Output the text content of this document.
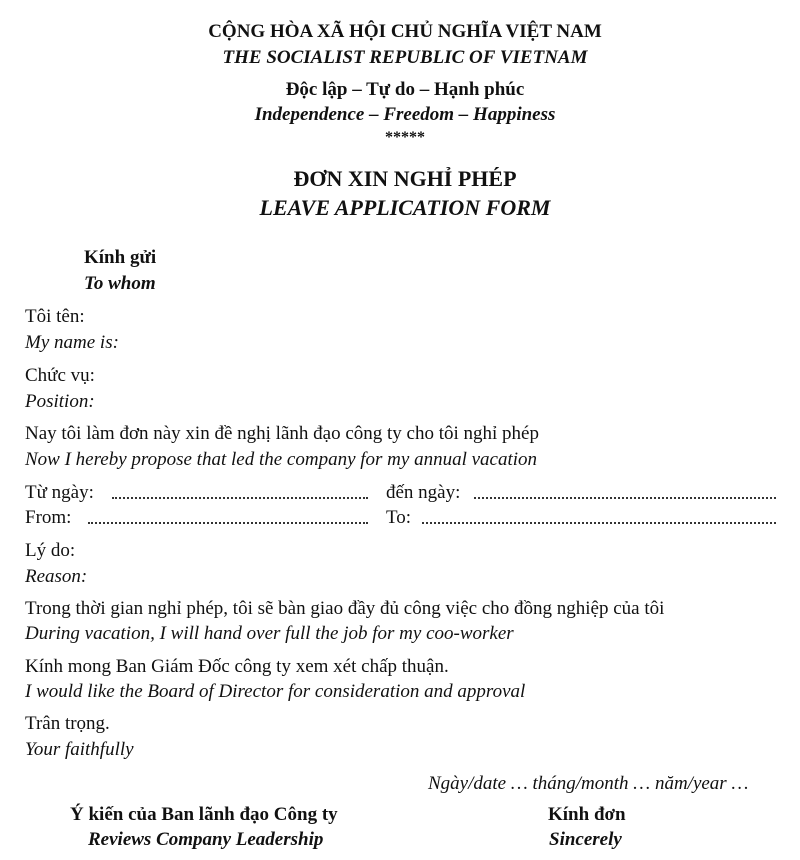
CỘNG HÒA XÃ HỘI CHỦ NGHĨA VIỆT NAM
THE SOCIALIST REPUBLIC OF VIETNAM
Độc lập – Tự do – Hạnh phúc
Independence – Freedom – Happiness
*****
ĐƠN XIN NGHỈ PHÉP
LEAVE APPLICATION FORM
Kính gửi
To whom
Tôi tên:
My name is:
Chức vụ:
Position:
Nay tôi làm đơn này xin đề nghị lãnh đạo công ty cho tôi nghỉ phép
Now I hereby propose that led the company for my annual vacation
Từ ngày:	đến ngày:
From:	To:
Lý do:
Reason:
Trong thời gian nghỉ phép, tôi sẽ bàn giao đầy đủ công việc cho đồng nghiệp của tôi
During vacation, I will hand over full the job for my coo-worker
Kính mong Ban Giám Đốc công ty xem xét chấp thuận.
I would like the Board of Director for consideration and approval
Trân trọng.
Your faithfully
Ngày/date … tháng/month … năm/year …
Ý kiến của Ban lãnh đạo Công ty
Reviews Company Leadership
Kính đơn
Sincerely
